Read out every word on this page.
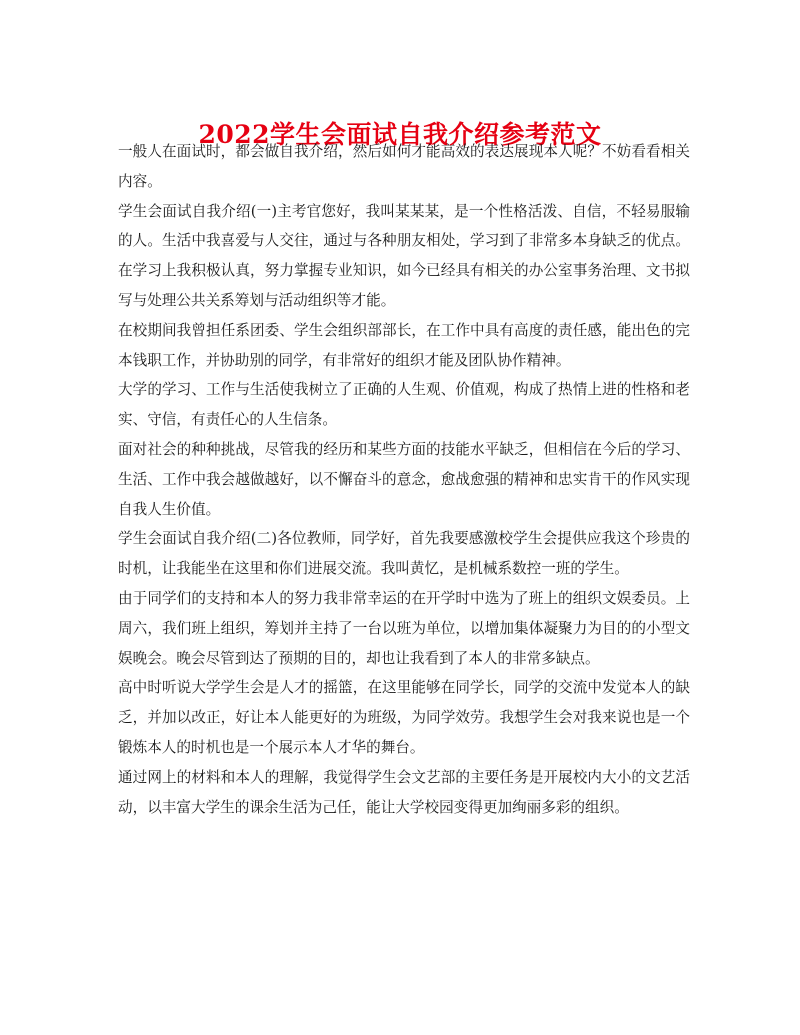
2022学生会面试自我介绍参考范文

一般人在面试时，都会做自我介绍，然后如何才能高效的表达展现本人呢？不妨看看相关内容。

学生会面试自我介绍(一)主考官您好，我叫某某某，是一个性格活泼、自信，不轻易服输的人。生活中我喜爱与人交往，通过与各种朋友相处，学习到了非常多本身缺乏的优点。在学习上我积极认真，努力掌握专业知识，如今已经具有相关的办公室事务治理、文书拟写与处理公共关系筹划与活动组织等才能。

在校期间我曾担任系团委、学生会组织部部长，在工作中具有高度的责任感，能出色的完本钱职工作，并协助别的同学，有非常好的组织才能及团队协作精神。

大学的学习、工作与生活使我树立了正确的人生观、价值观，构成了热情上进的性格和老实、守信，有责任心的人生信条。

面对社会的种种挑战，尽管我的经历和某些方面的技能水平缺乏，但相信在今后的学习、生活、工作中我会越做越好，以不懈奋斗的意念，愈战愈强的精神和忠实肯干的作风实现自我人生价值。

学生会面试自我介绍(二)各位教师，同学好，首先我要感激校学生会提供应我这个珍贵的时机，让我能坐在这里和你们进展交流。我叫黄忆，是机械系数控一班的学生。

由于同学们的支持和本人的努力我非常幸运的在开学时中选为了班上的组织文娱委员。上周六，我们班上组织，筹划并主持了一台以班为单位，以增加集体凝聚力为目的的小型文娱晚会。晚会尽管到达了预期的目的，却也让我看到了本人的非常多缺点。

高中时听说大学学生会是人才的摇篮，在这里能够在同学长，同学的交流中发觉本人的缺乏，并加以改正，好让本人能更好的为班级，为同学效劳。我想学生会对我来说也是一个锻炼本人的时机也是一个展示本人才华的舞台。

通过网上的材料和本人的理解，我觉得学生会文艺部的主要任务是开展校内大小的文艺活动，以丰富大学生的课余生活为己任，能让大学校园变得更加绚丽多彩的组织。
